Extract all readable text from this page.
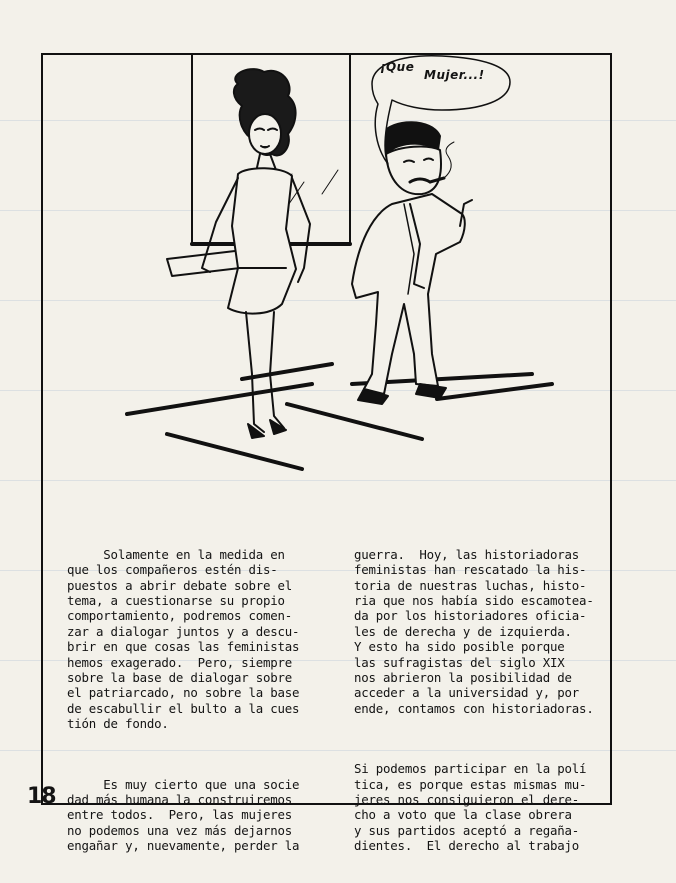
¡Que
Mujer...!

Solamente en la medida en
que los compañeros estén dis-
puestos a abrir debate sobre el
tema, a cuestionarse su propio
comportamiento, podremos comen-
zar a dialogar juntos y a descu-
brir en que cosas las feministas
hemos exagerado.  Pero, siempre
sobre la base de dialogar sobre
el patriarcado, no sobre la base
de escabullir el bulto a la cues
tión de fondo.

Es muy cierto que una socie
dad más humana la construiremos
entre todos.  Pero, las mujeres
no podemos una vez más dejarnos
engañar y, nuevamente, perder la

guerra.  Hoy, las historiadoras
feministas han rescatado la his-
toria de nuestras luchas, histo-
ria que nos había sido escamotea-
da por los historiadores oficia-
les de derecha y de izquierda.
Y esto ha sido posible porque
las sufragistas del siglo XIX
nos abrieron la posibilidad de
acceder a la universidad y, por
ende, contamos con historiadoras.

Si podemos participar en la polí
tica, es porque estas mismas mu-
jeres nos consiguieron el dere-
cho a voto que la clase obrera
y sus partidos aceptó a regaña-
dientes.  El derecho al trabajo

18
